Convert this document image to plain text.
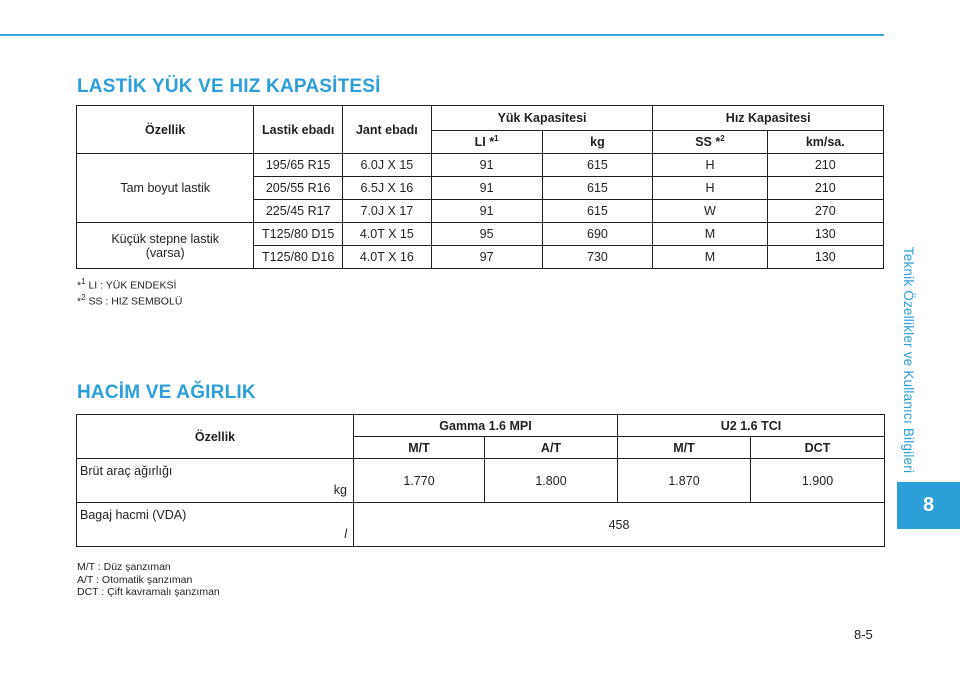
Teknik Özellikler ve Kullanıcı Bilgileri
8
LASTİK YÜK VE HIZ KAPASİTESİ
Özellik	Lastik ebadı	Jant ebadı	Yük Kapasitesi		Hız Kapasitesi	
			LI *$^1$	kg	SS *$^2$	km/sa.
Tam boyut lastik	195/65 R15	6.0J X 15	91	615	H	210
	205/55 R16	6.5J X 16	91	615	H	210
	225/45 R17	7.0J X 17	91	615	W	270
Küçük stepne lastik
(varsa)	T125/80 D15	4.0T X 15	95	690	M	130
	T125/80 D16	4.0T X 16	97	730	M	130
*$^1$ LI : YÜK ENDEKSİ
*$^2$ SS : HIZ SEMBOLÜ
HACİM VE AĞIRLIK
Özellik	Gamma 1.6 MPI		U2 1.6 TCI	
	M/T	A/T	M/T	DCT
Brüt araç ağırlığı
kg	1.770	1.800	1.870	1.900
Bagaj hacmi (VDA)
l	458			
M/T : Düz şanzıman
A/T : Otomatik şanzıman
DCT : Çift kavramalı şanzıman
8-5
